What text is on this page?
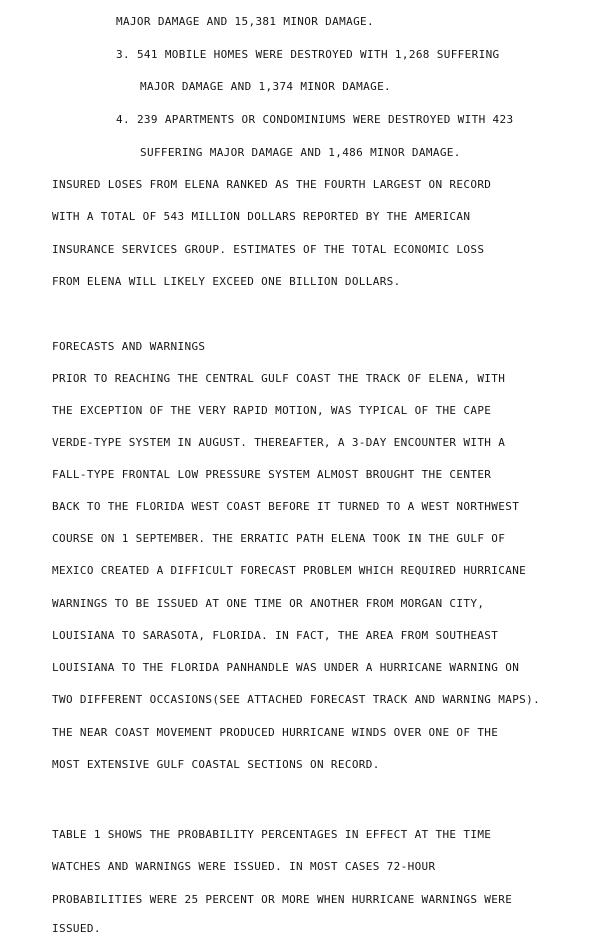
MAJOR DAMAGE AND 15,381 MINOR DAMAGE.
3. 541 MOBILE HOMES WERE DESTROYED WITH 1,268 SUFFERING
MAJOR DAMAGE AND 1,374 MINOR DAMAGE.
4. 239 APARTMENTS OR CONDOMINIUMS WERE DESTROYED WITH 423
SUFFERING MAJOR DAMAGE AND 1,486 MINOR DAMAGE.
INSURED LOSES FROM ELENA RANKED AS THE FOURTH LARGEST ON RECORD
WITH A TOTAL OF 543 MILLION DOLLARS REPORTED BY THE AMERICAN
INSURANCE SERVICES GROUP. ESTIMATES OF THE TOTAL ECONOMIC LOSS
FROM ELENA WILL LIKELY EXCEED ONE BILLION DOLLARS.
FORECASTS AND WARNINGS
PRIOR TO REACHING THE CENTRAL GULF COAST THE TRACK OF ELENA, WITH
THE EXCEPTION OF THE VERY RAPID MOTION, WAS TYPICAL OF THE CAPE
VERDE-TYPE SYSTEM IN AUGUST. THEREAFTER, A 3-DAY ENCOUNTER WITH A
FALL-TYPE FRONTAL LOW PRESSURE SYSTEM ALMOST BROUGHT THE CENTER
BACK TO THE FLORIDA WEST COAST BEFORE IT TURNED TO A WEST NORTHWEST
COURSE ON 1 SEPTEMBER. THE ERRATIC PATH ELENA TOOK IN THE GULF OF
MEXICO CREATED A DIFFICULT FORECAST PROBLEM WHICH REQUIRED HURRICANE
WARNINGS TO BE ISSUED AT ONE TIME OR ANOTHER FROM MORGAN CITY,
LOUISIANA TO SARASOTA, FLORIDA. IN FACT, THE AREA FROM SOUTHEAST
LOUISIANA TO THE FLORIDA PANHANDLE WAS UNDER A HURRICANE WARNING ON
TWO DIFFERENT OCCASIONS(SEE ATTACHED FORECAST TRACK AND WARNING MAPS).
THE NEAR COAST MOVEMENT PRODUCED HURRICANE WINDS OVER ONE OF THE
MOST EXTENSIVE GULF COASTAL SECTIONS ON RECORD.
TABLE 1 SHOWS THE PROBABILITY PERCENTAGES IN EFFECT AT THE TIME
WATCHES AND WARNINGS WERE ISSUED. IN MOST CASES 72-HOUR
PROBABILITIES WERE 25 PERCENT OR MORE WHEN HURRICANE WARNINGS WERE
ISSUED.
